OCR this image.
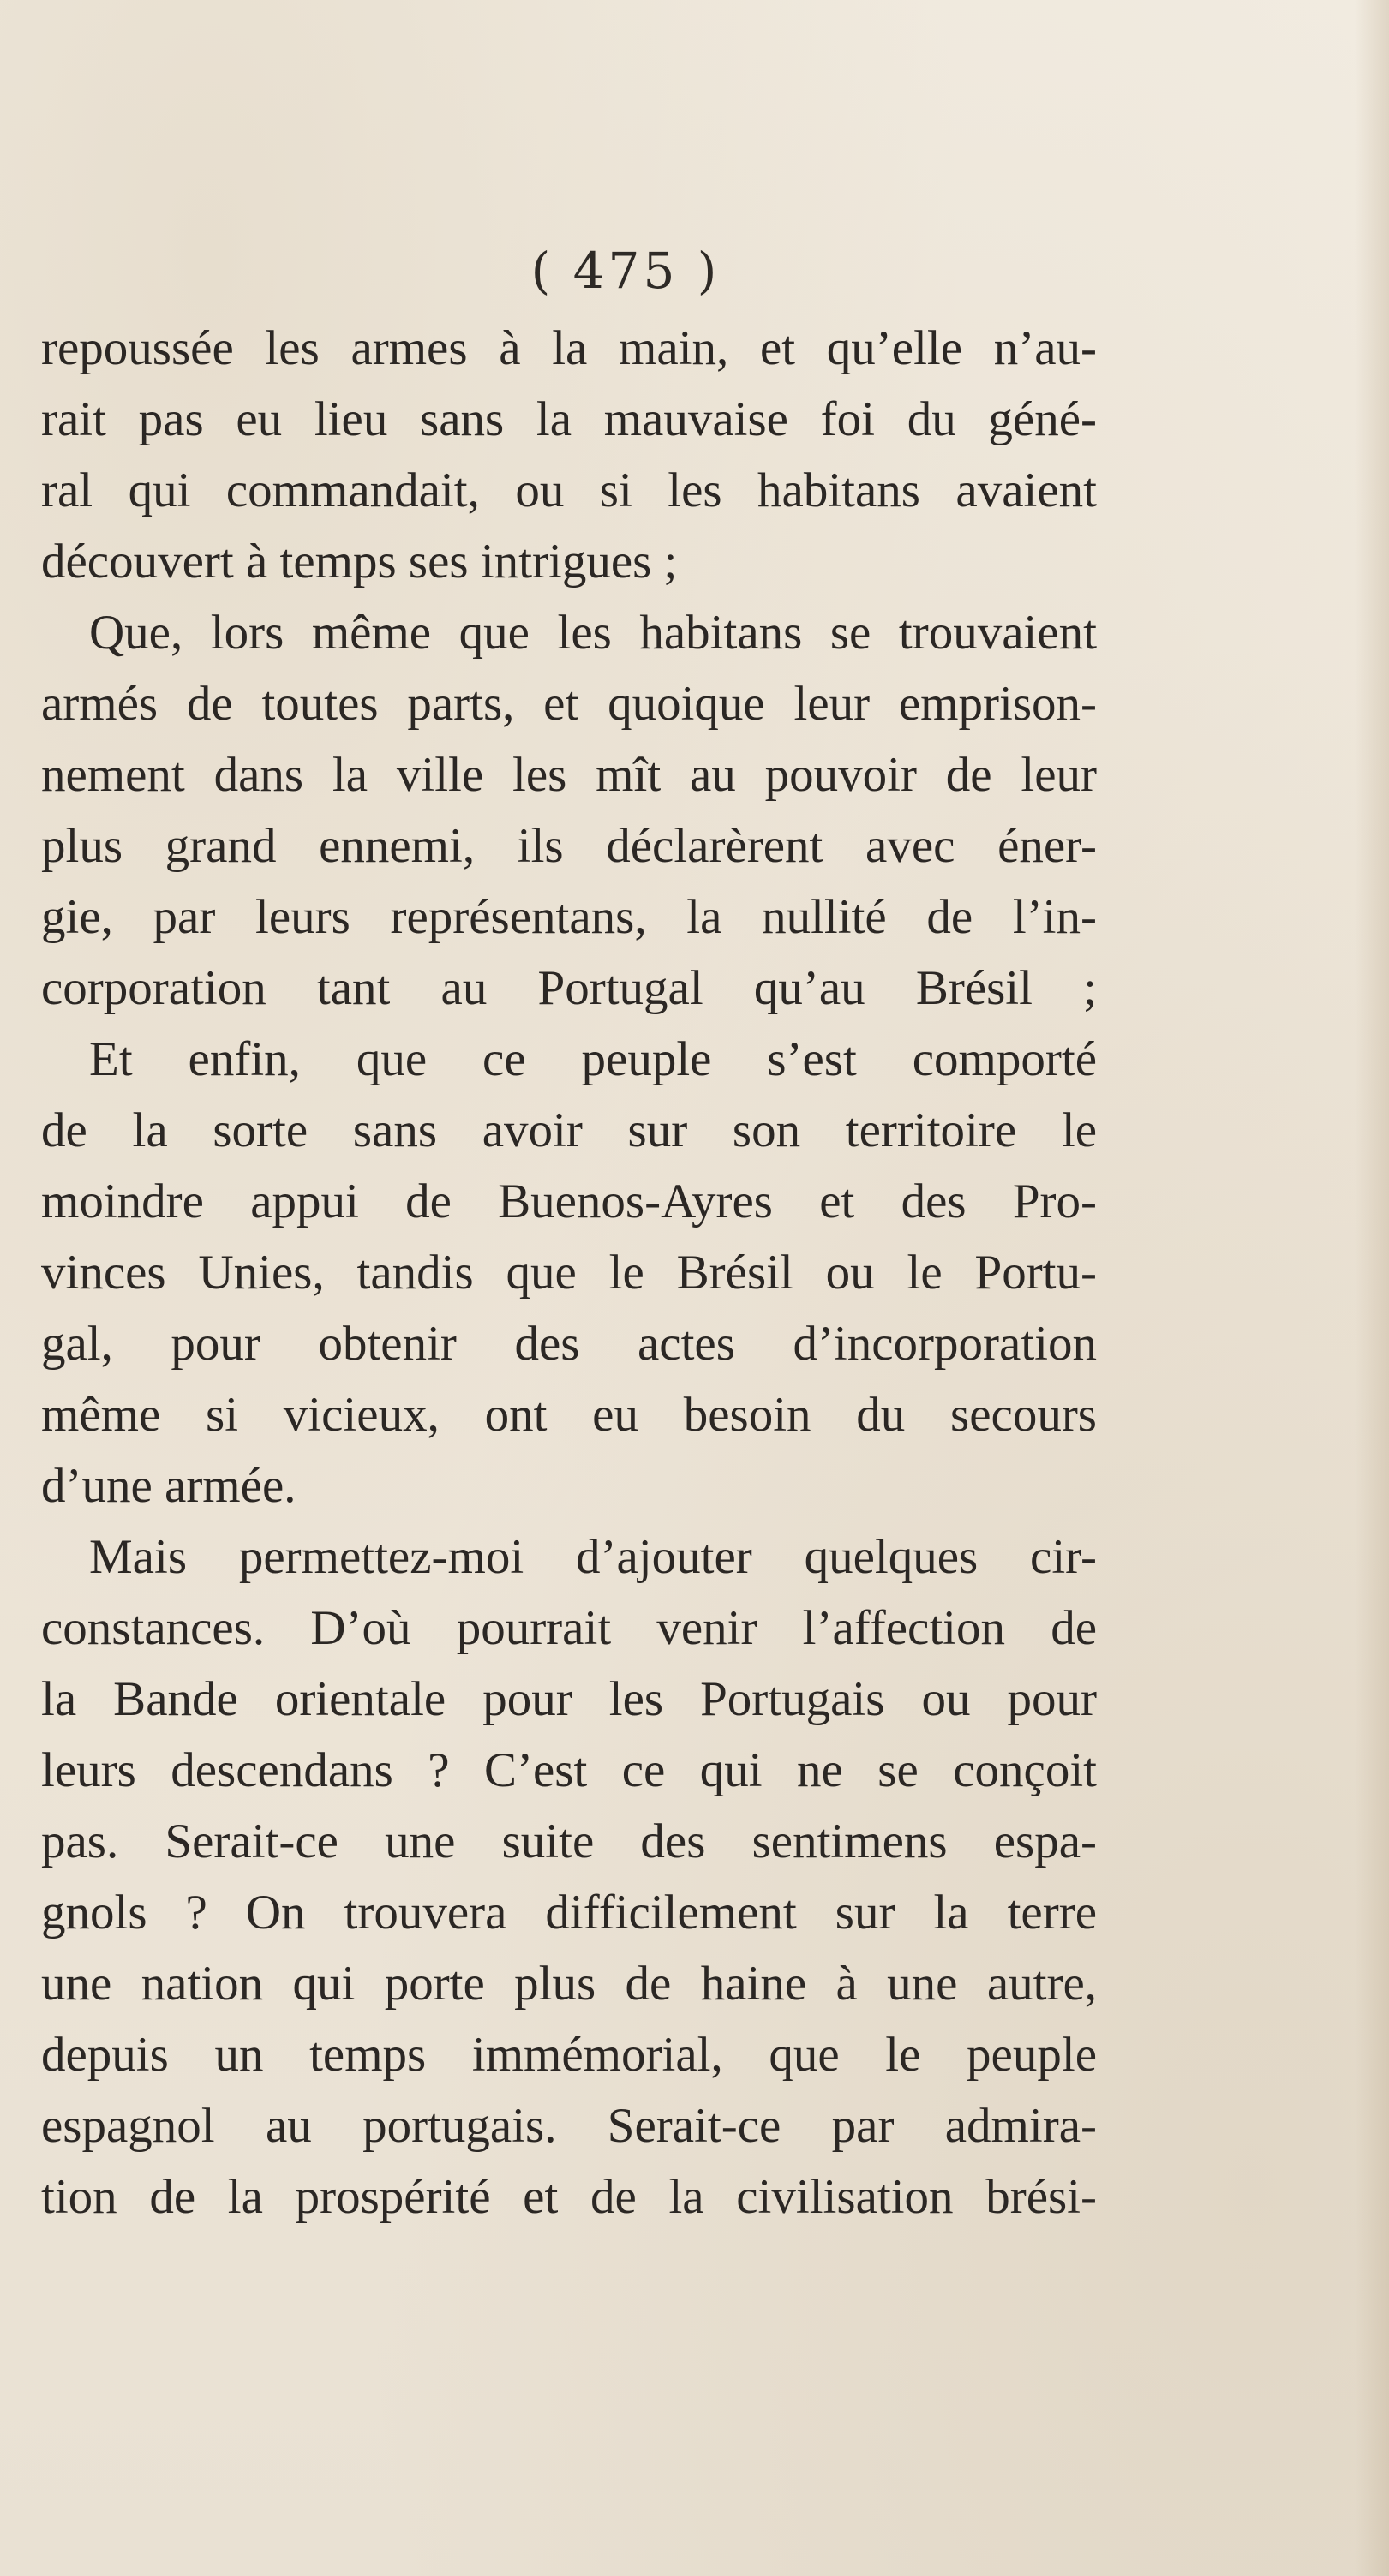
( 475 )
repoussée les armes à la main, et qu’elle n’au-
rait pas eu lieu sans la mauvaise foi du géné-
ral qui commandait, ou si les habitans avaient
découvert à temps ses intrigues ;
Que, lors même que les habitans se trouvaient
armés de toutes parts, et quoique leur emprison-
nement dans la ville les mît au pouvoir de leur
plus grand ennemi, ils déclarèrent avec éner-
gie, par leurs représentans, la nullité de l’in-
corporation tant au Portugal qu’au Brésil ;
Et enfin, que ce peuple s’est comporté
de la sorte sans avoir sur son territoire le
moindre appui de Buenos-Ayres et des Pro-
vinces Unies, tandis que le Brésil ou le Portu-
gal, pour obtenir des actes d’incorporation
même si vicieux, ont eu besoin du secours
d’une armée.
Mais permettez-moi d’ajouter quelques cir-
constances. D’où pourrait venir l’affection de
la Bande orientale pour les Portugais ou pour
leurs descendans ? C’est ce qui ne se conçoit
pas. Serait-ce une suite des sentimens espa-
gnols ? On trouvera difficilement sur la terre
une nation qui porte plus de haine à une autre,
depuis un temps immémorial, que le peuple
espagnol au portugais. Serait-ce par admira-
tion de la prospérité et de la civilisation brési-
